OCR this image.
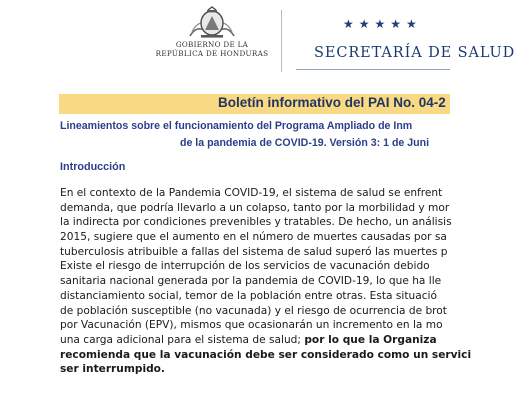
GOBIERNO DE LA
REPÚBLICA DE HONDURAS
★★★★★
SECRETARÍA DE SALUD
Boletín informativo del PAI No. 04-2
Lineamientos sobre el funcionamiento del Programa Ampliado de Inm
de la pandemia de COVID-19. Versión 3: 1 de Juni
Introducción
En el contexto de la Pandemia COVID-19, el sistema de salud se enfrent
demanda, que podría llevarlo a un colapso, tanto por la morbilidad y mor
la indirecta por condiciones prevenibles y tratables. De hecho, un análisis
2015, sugiere que el aumento en el número de muertes causadas por sa
tuberculosis atribuible a fallas del sistema de salud superó las muertes p
Existe el riesgo de interrupción de los servicios de vacunación debido
sanitaria nacional generada por la pandemia de COVID-19, lo que ha lle
distanciamiento social, temor de la población entre otras. Esta situació
de población susceptible (no vacunada) y el riesgo de ocurrencia de brot
por Vacunación (EPV), mismos que ocasionarán un incremento en la mo
una carga adicional para el sistema de salud; por lo que la Organiza
recomienda que la vacunación debe ser considerado como un servici
ser interrumpido.
